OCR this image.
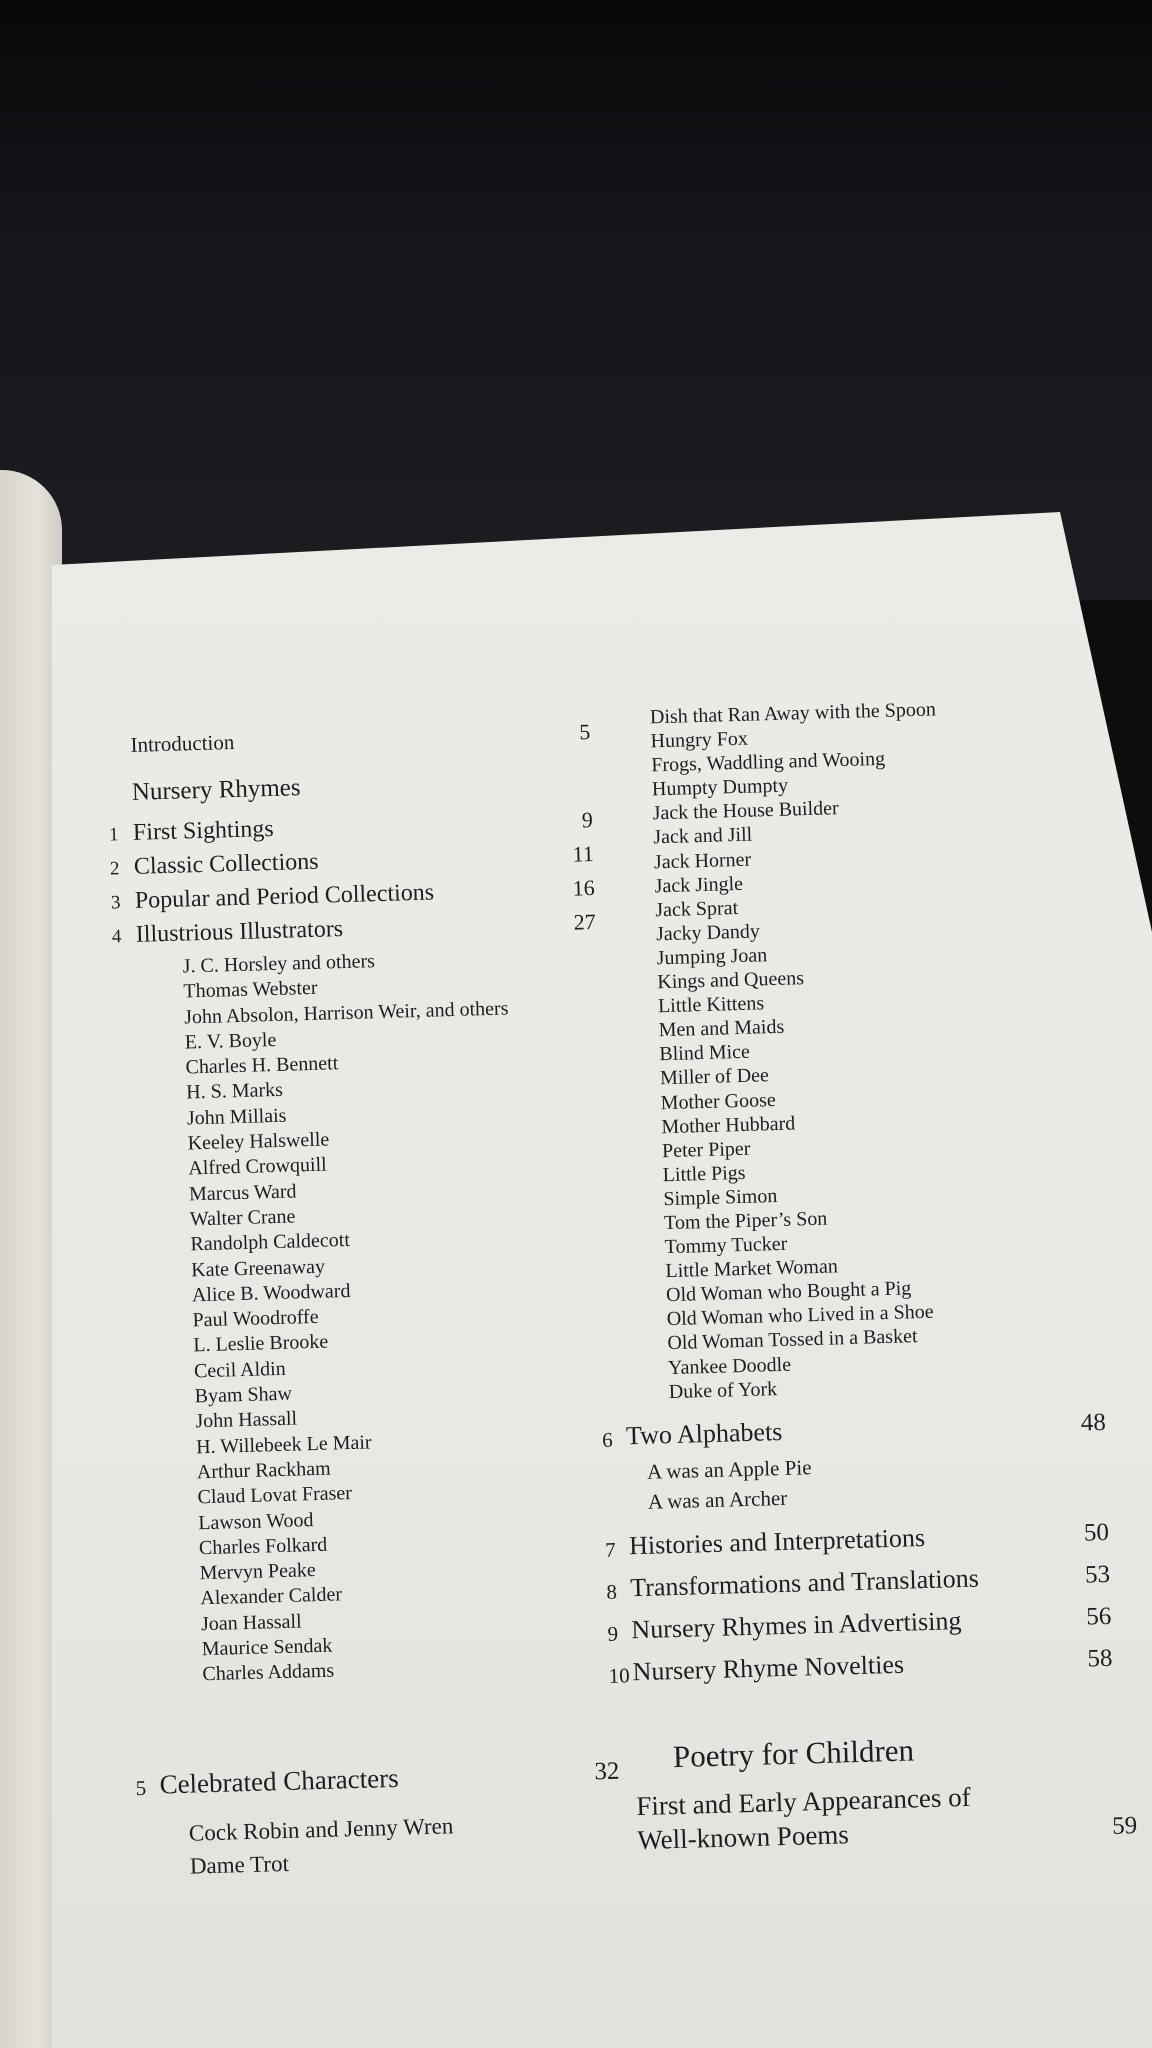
Introduction	5
Nursery Rhymes
1 First Sightings	9
2 Classic Collections	11
3 Popular and Period Collections	16
4 Illustrious Illustrators	27
J. C. Horsley and others
Thomas Webster
John Absolon, Harrison Weir, and others
E. V. Boyle
Charles H. Bennett
H. S. Marks
John Millais
Keeley Halswelle
Alfred Crowquill
Marcus Ward
Walter Crane
Randolph Caldecott
Kate Greenaway
Alice B. Woodward
Paul Woodroffe
L. Leslie Brooke
Cecil Aldin
Byam Shaw
John Hassall
H. Willebeek Le Mair
Arthur Rackham
Claud Lovat Fraser
Lawson Wood
Charles Folkard
Mervyn Peake
Alexander Calder
Joan Hassall
Maurice Sendak
Charles Addams
5 Celebrated Characters	32
Cock Robin and Jenny Wren
Dame Trot
Dish that Ran Away with the Spoon
Hungry Fox
Frogs, Waddling and Wooing
Humpty Dumpty
Jack the House Builder
Jack and Jill
Jack Horner
Jack Jingle
Jack Sprat
Jacky Dandy
Jumping Joan
Kings and Queens
Little Kittens
Men and Maids
Blind Mice
Miller of Dee
Mother Goose
Mother Hubbard
Peter Piper
Little Pigs
Simple Simon
Tom the Piper’s Son
Tommy Tucker
Little Market Woman
Old Woman who Bought a Pig
Old Woman who Lived in a Shoe
Old Woman Tossed in a Basket
Yankee Doodle
Duke of York
6 Two Alphabets	48
A was an Apple Pie
A was an Archer
7 Histories and Interpretations	50
8 Transformations and Translations	53
9 Nursery Rhymes in Advertising	56
10 Nursery Rhyme Novelties	58
Poetry for Children
First and Early Appearances of
Well-known Poems	59
